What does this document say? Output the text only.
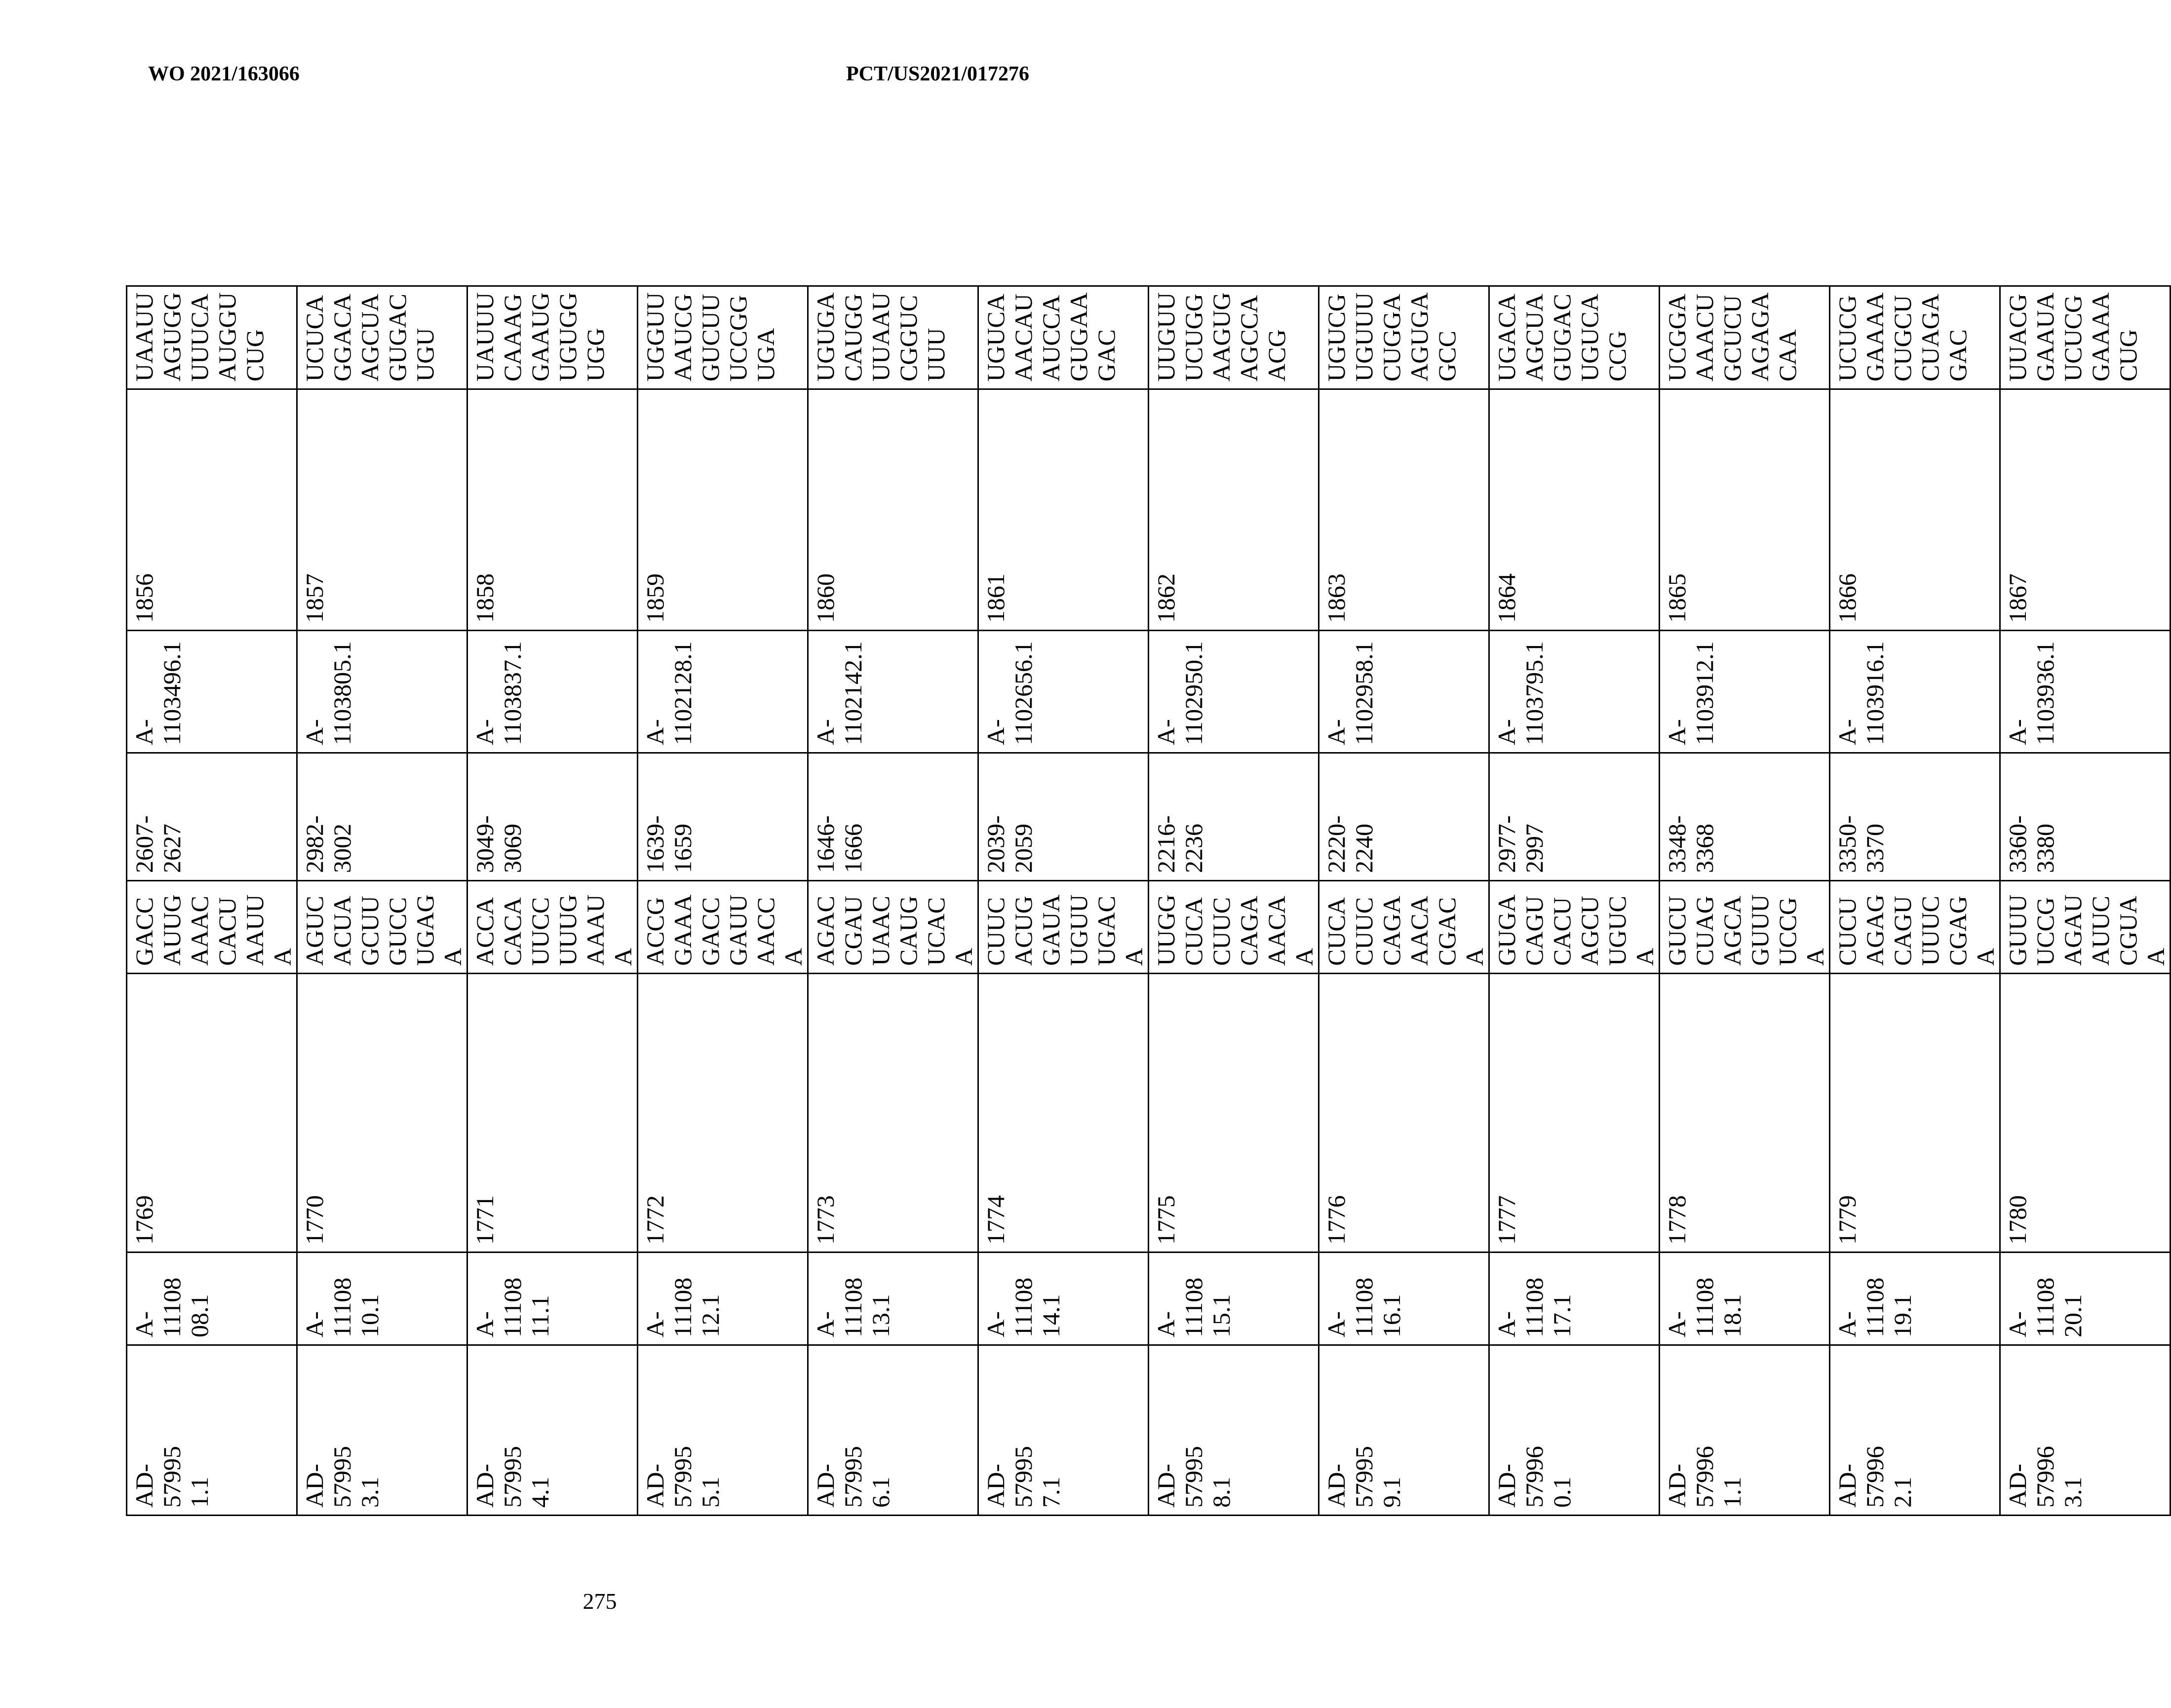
WO 2021/163066	PCT/US2021/017276
AD-
57995
1.1	A-
11108
08.1	1769	GACCAUUGAAACCACUAAUUA	2607-
2627	A-
1103496.1	1856	UAAUUAGUGGUUUCAAUGGUCUG	

AD-
57995
3.1	A-
11108
10.1	1770	AGUCACUAGCUUGUCCUGAGA	2982-
3002	A-
1103805.1	1857	UCUCAGGACAAGCUAGUGACUGU	

AD-
57995
4.1	A-
11108
11.1	1771	ACCACACAUUCCUUUGAAAUA	3049-
3069	A-
1103837.1	1858	UAUUUCAAAGGAAUGUGUGGUGG	

AD-
57995
5.1	A-
11108
12.1	1772	ACCGGAAAGACCGAUUAACCA	1639-
1659	A-
1102128.1	1859	UGGUUAAUCGGUCUUUCCGGUGA	

AD-
57995
6.1	A-
11108
13.1	1773	AGACCGAUUAACCAUGUCACA	1646-
1666	A-
1102142.1	1860	UGUGACAUGGUUAAUCGGUCUUU	

AD-
57995
7.1	A-
11108
14.1	1774	CUUCACUGGAUAUGUUUGACA	2039-
2059	A-
1102656.1	1861	UGUCAAACAUAUCCAGUGAAGAC	

AD-
57995
8.1	A-
11108
15.1	1775	UUGGCUCACUUCCAGAAACAA	2216-
2236	A-
1102950.1	1862	UUGUUUCUGGAAGUGAGCCAACG	

AD-
57995
9.1	A-
11108
16.1	1776	CUCACUUCCAGAAACACGACA	2220-
2240	A-
1102958.1	1863	UGUCGUGUUUCUGGAAGUGAGCC	

AD-
57996
0.1	A-
11108
17.1	1777	GUGACAGUCACUAGCUUGUCA	2977-
2997	A-
1103795.1	1864	UGACAAGCUAGUGACUGUCACCG	

AD-
57996
1.1	A-
11108
18.1	1778	GUCUCUAGAGCAGUUUUCCGA	3348-
3368	A-
1103912.1	1865	UCGGAAAACUGCUCUAGAGACAA	

AD-
57996
2.1	A-
11108
19.1	1779	CUCUAGAGCAGUUUUCCGAGA	3350-
3370	A-
1103916.1	1866	UCUCGGAAAACUGCUCUAGAGAC	

AD-
57996
3.1	A-
11108
20.1	1780	GUUUUCCGAGAUAUUCCGUAA	3360-
3380	A-
1103936.1	1867	UUACGGAAUAUCUCGGAAAACUG	

275
